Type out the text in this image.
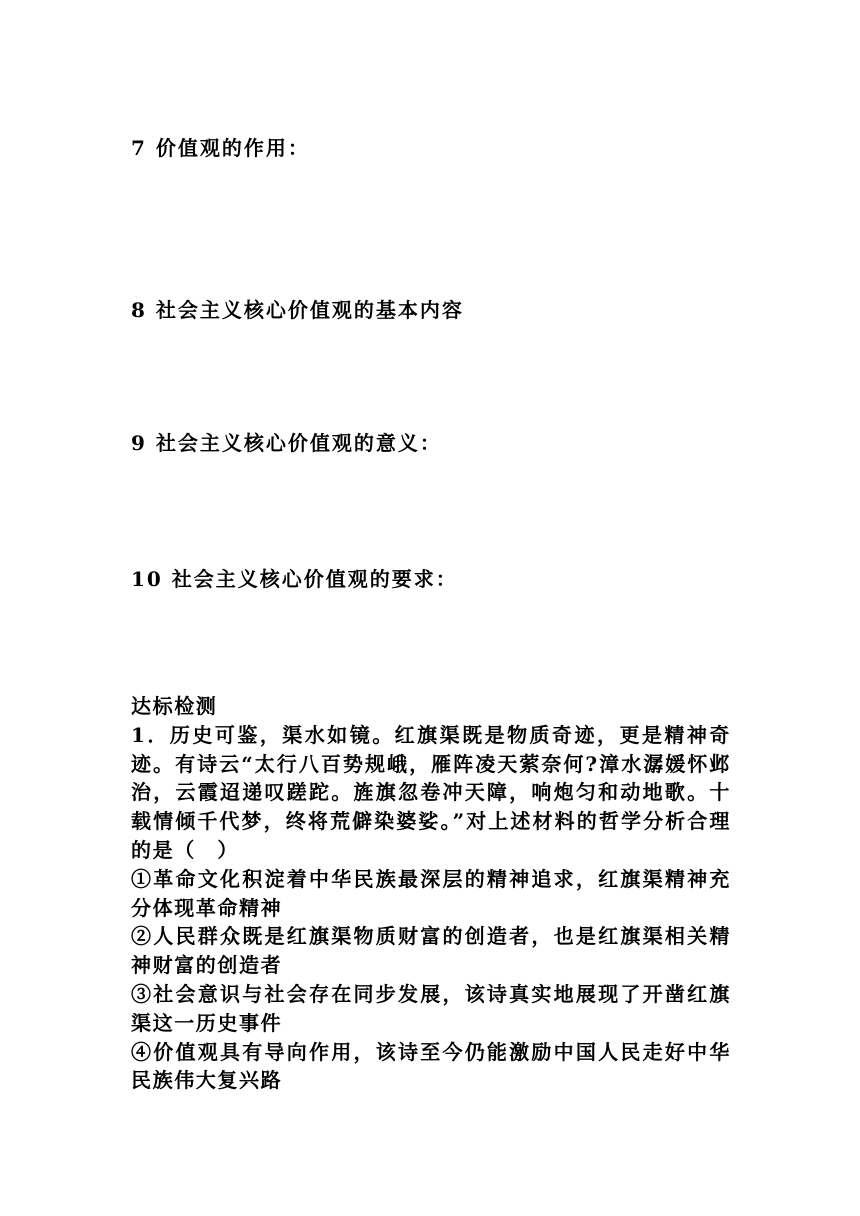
7 价值观的作用：
8 社会主义核心价值观的基本内容
9 社会主义核心价值观的意义：
10 社会主义核心价值观的要求：

达标检测

1．历史可鉴，渠水如镜。红旗渠既是物质奇迹，更是精神奇迹。有诗云“太行八百势规峨，雁阵凌天萦奈何?漳水潺媛怀邺治，云霞迢递叹蹉跎。旌旗忽卷冲天障，响炮匀和动地歌。十载情倾千代梦，终将荒僻染婆娑。”对上述材料的哲学分析合理的是（　）

①革命文化积淀着中华民族最深层的精神追求，红旗渠精神充分体现革命精神

②人民群众既是红旗渠物质财富的创造者，也是红旗渠相关精神财富的创造者

③社会意识与社会存在同步发展，该诗真实地展现了开凿红旗渠这一历史事件

④价值观具有导向作用，该诗至今仍能激励中国人民走好中华民族伟大复兴路
